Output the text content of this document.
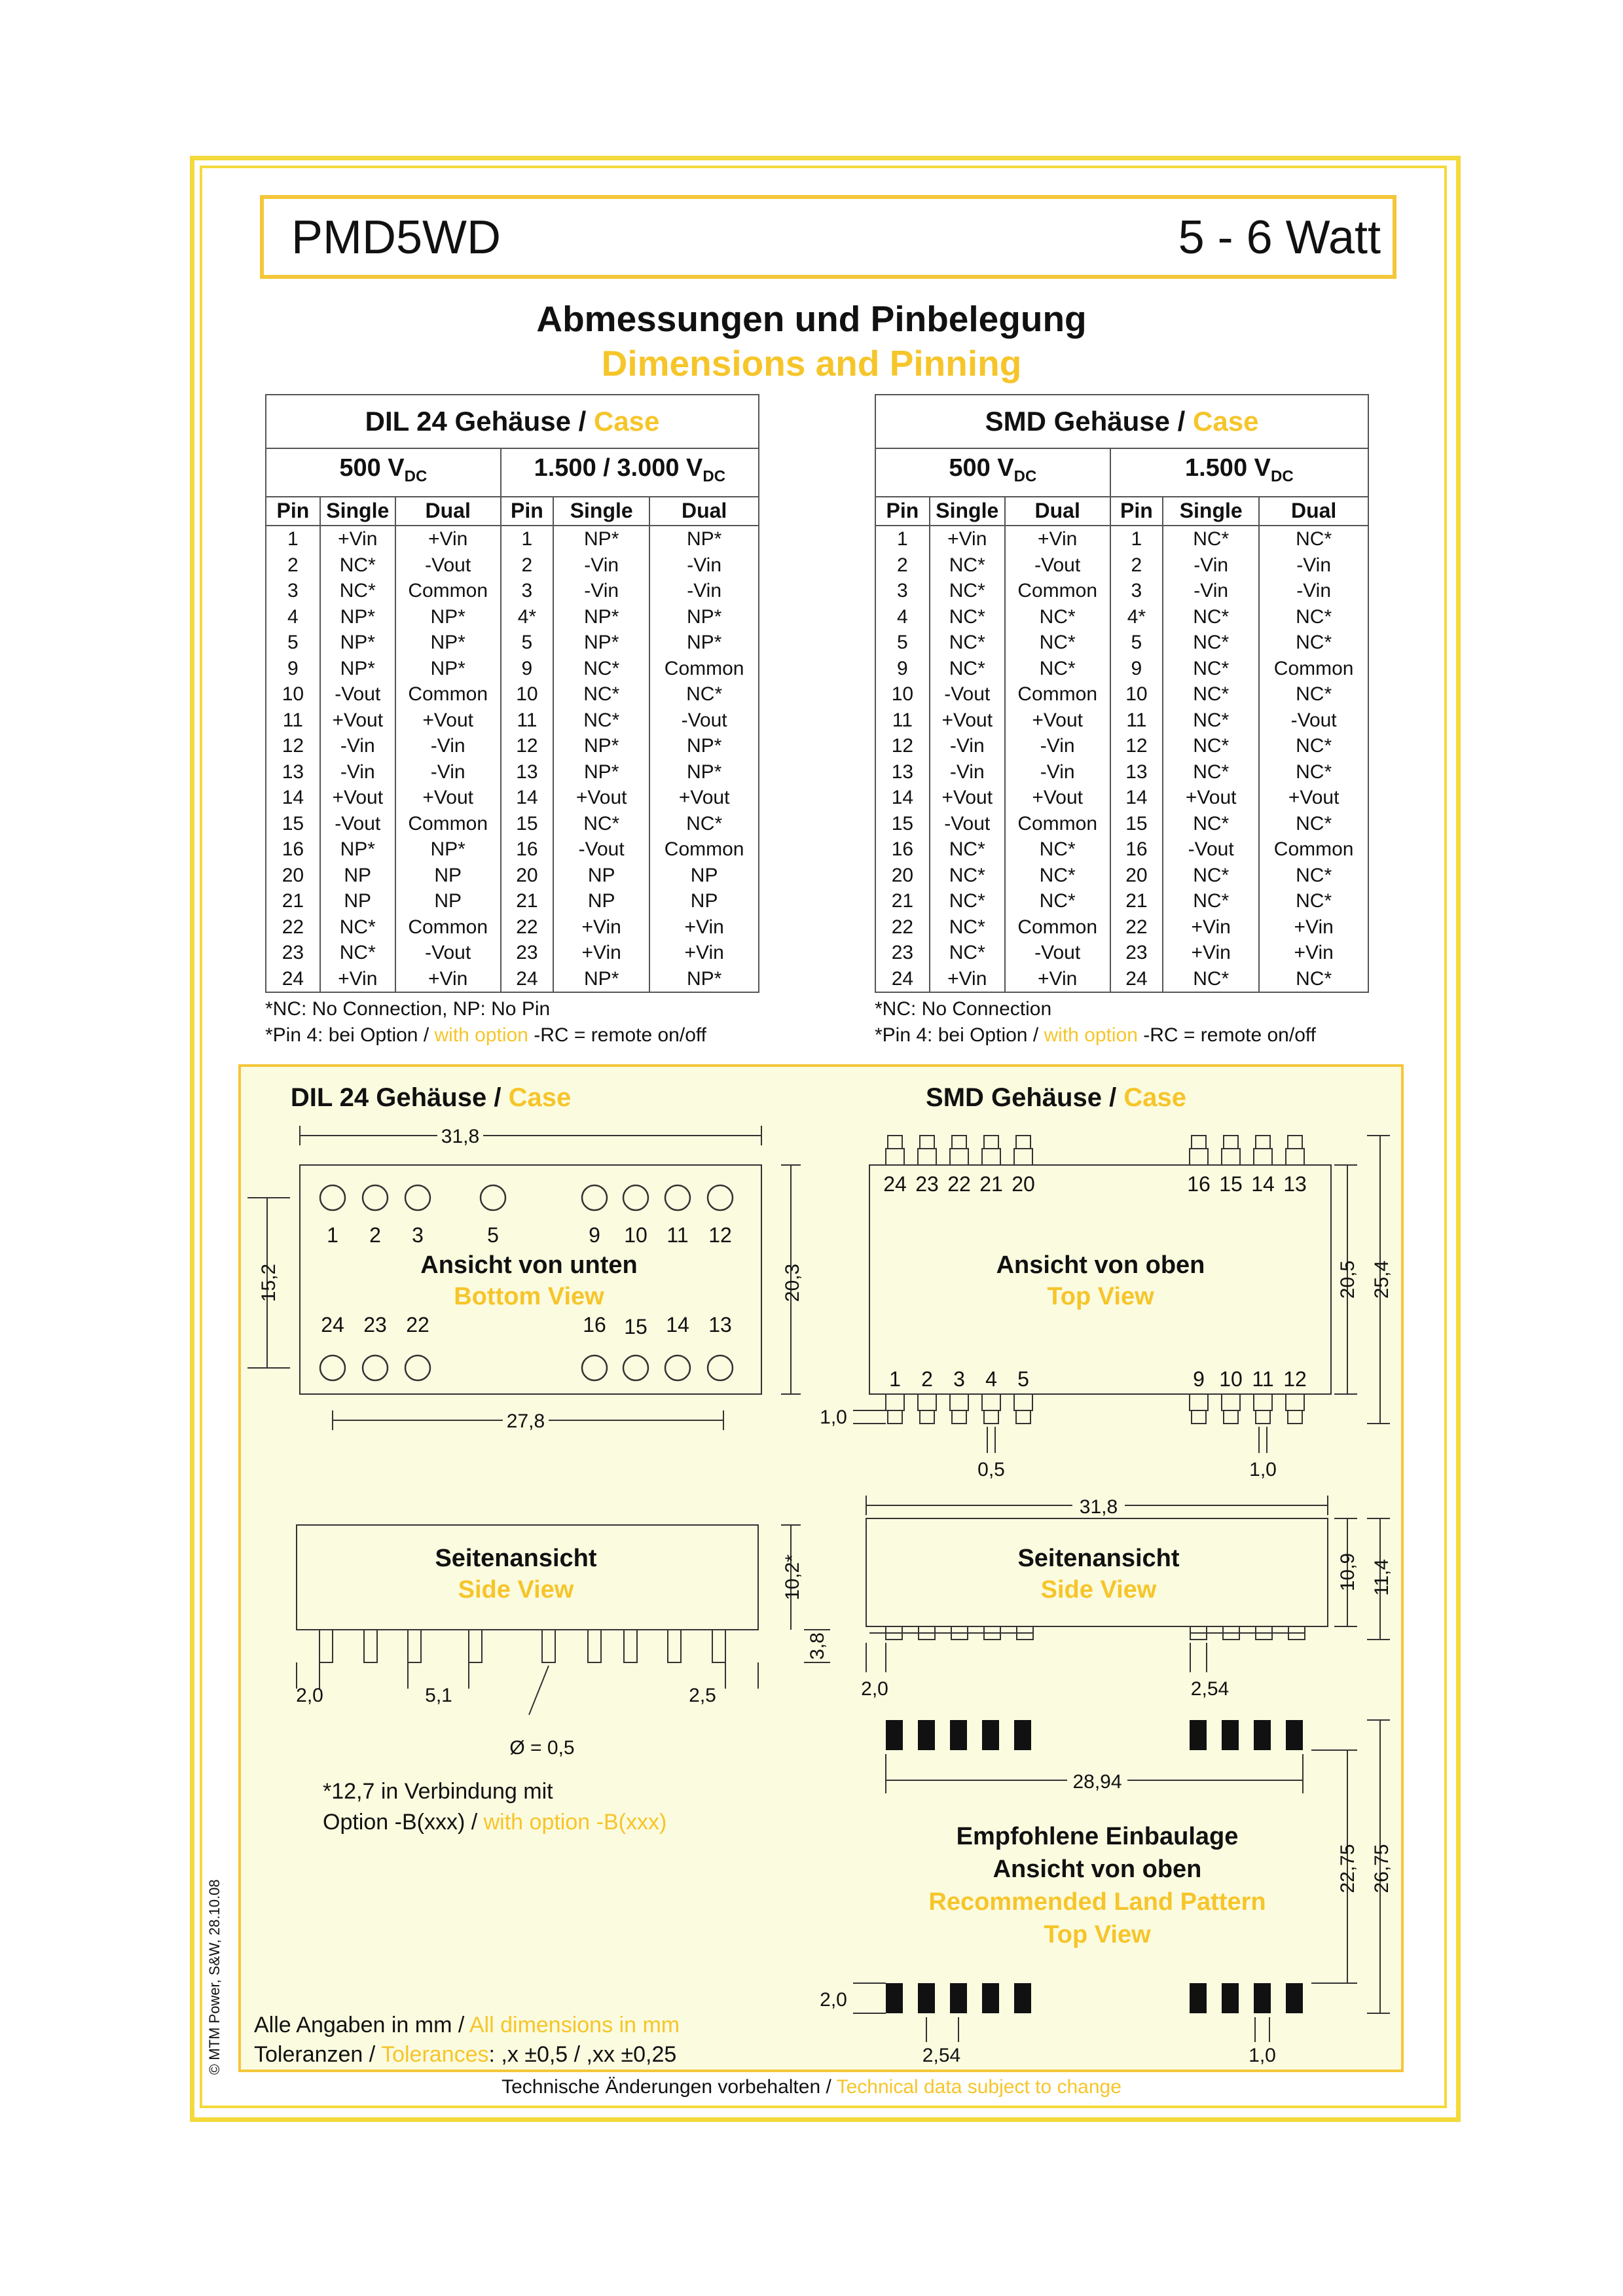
PMD5WD	5 - 6 Watt
Abmessungen und Pinbelegung
Dimensions and Pinning
DIL 24 Gehäuse / Case					
500 $V_{DC}$			1.500 / 3.000 $V_{DC}$
Pin	Single	Dual	Pin	Single	Dual
1	+Vin	+Vin	1	NP*	NP*
2	NC*	-Vout	2	-Vin	-Vin
3	NC*	Common	3	-Vin	-Vin
4	NP*	NP*	4*	NP*	NP*
5	NP*	NP*	5	NP*	NP*
9	NP*	NP*	9	NC*	Common
10	-Vout	Common	10	NC*	NC*
11	+Vout	+Vout	11	NC*	-Vout
12	-Vin	-Vin	12	NP*	NP*
13	-Vin	-Vin	13	NP*	NP*
14	+Vout	+Vout	14	+Vout	+Vout
15	-Vout	Common	15	NC*	NC*
16	NP*	NP*	16	-Vout	Common
20	NP	NP	20	NP	NP
21	NP	NP	21	NP	NP
22	NC*	Common	22	+Vin	+Vin
23	NC*	-Vout	23	+Vin	+Vin
24	+Vin	+Vin	24	NP*	NP*
*NC: No Connection, NP: No Pin
*Pin 4: bei Option / with option -RC = remote on/off
SMD Gehäuse / Case					
500 $V_{DC}$			1.500 $V_{DC}$
Pin	Single	Dual	Pin	Single	Dual
1	+Vin	+Vin	1	NC*	NC*
2	NC*	-Vout	2	-Vin	-Vin
3	NC*	Common	3	-Vin	-Vin
4	NC*	NC*	4*	NC*	NC*
5	NC*	NC*	5	NC*	NC*
9	NC*	NC*	9	NC*	Common
10	-Vout	Common	10	NC*	NC*
11	+Vout	+Vout	11	NC*	-Vout
12	-Vin	-Vin	12	NC*	NC*
13	-Vin	-Vin	13	NC*	NC*
14	+Vout	+Vout	14	+Vout	+Vout
15	-Vout	Common	15	NC*	NC*
16	NC*	NC*	16	-Vout	Common
20	NC*	NC*	20	NC*	NC*
21	NC*	NC*	21	NC*	NC*
22	NC*	Common	22	+Vin	+Vin
23	NC*	-Vout	23	+Vin	+Vin
24	+Vin	+Vin	24	NC*	NC*
*NC: No Connection
*Pin 4: bei Option / with option -RC = remote on/off
DIL 24 Gehäuse / Case	SMD Gehäuse / Case
31,8
20,3
15,2
27,8
1 2 3	5	9 10 11 12
24 23 22	16 15 14 13
Ansicht von unten
Bottom View
24 23 22 21 20	16 15 14 13
1 2 3 4 5	9 10 11 12
Ansicht von oben
Top View	20,5 25,4
1,0
0,5	1,0
Seitenansicht
Side View	10,2*
3,8
2,0	5,1	2,5
Ø = 0,5
*12,7 in Verbindung mit
Option -B(xxx) / with option -B(xxx)
31,8
Seitenansicht
Side View	10,9 11,4
2,0	2,54
28,94
22,75 26,75
2,0
2,54	1,0
Empfohlene Einbaulage
Ansicht von oben
Recommended Land Pattern
Top View
Alle Angaben in mm / All dimensions in mm
Toleranzen / Tolerances: ,x ±0,5 / ,xx ±0,25
© MTM Power, S&W, 28.10.08
Technische Änderungen vorbehalten / Technical data subject to change
